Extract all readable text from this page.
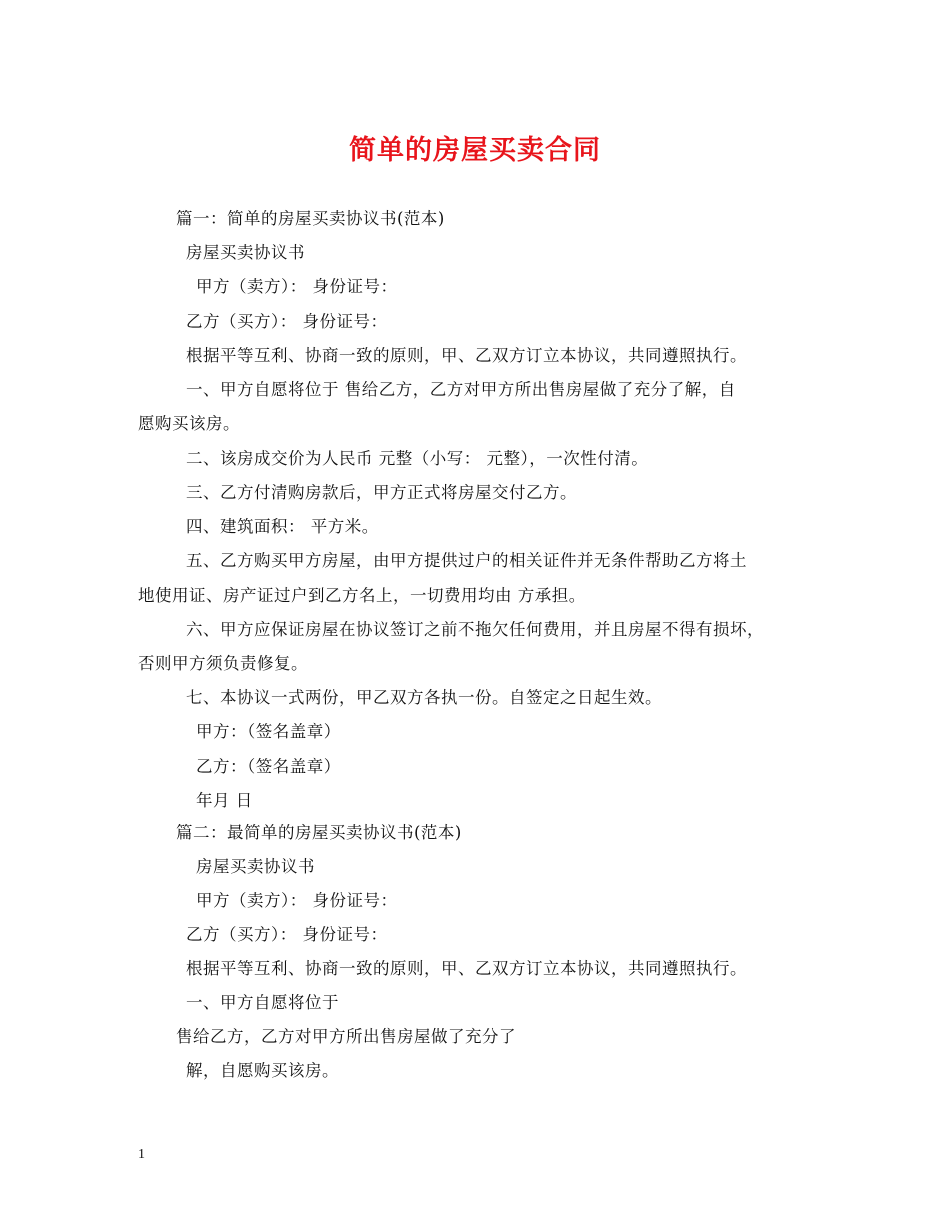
简单的房屋买卖合同
篇一：简单的房屋买卖协议书(范本)
房屋买卖协议书
甲方（卖方）： 身份证号：
乙方（买方）： 身份证号：
根据平等互利、协商一致的原则，甲、乙双方订立本协议，共同遵照执行。
一、甲方自愿将位于 售给乙方，乙方对甲方所出售房屋做了充分了解，自
愿购买该房。
二、该房成交价为人民币 元整（小写： 元整），一次性付清。
三、乙方付清购房款后，甲方正式将房屋交付乙方。
四、建筑面积： 平方米。
五、乙方购买甲方房屋，由甲方提供过户的相关证件并无条件帮助乙方将土
地使用证、房产证过户到乙方名上，一切费用均由 方承担。
六、甲方应保证房屋在协议签订之前不拖欠任何费用，并且房屋不得有损坏，
否则甲方须负责修复。
七、本协议一式两份，甲乙双方各执一份。自签定之日起生效。
甲方：（签名盖章）
乙方：（签名盖章）
年月 日
篇二：最简单的房屋买卖协议书(范本)
房屋买卖协议书
甲方（卖方）： 身份证号：
乙方（买方）： 身份证号：
根据平等互利、协商一致的原则，甲、乙双方订立本协议，共同遵照执行。
一、甲方自愿将位于
售给乙方，乙方对甲方所出售房屋做了充分了
解，自愿购买该房。
1
